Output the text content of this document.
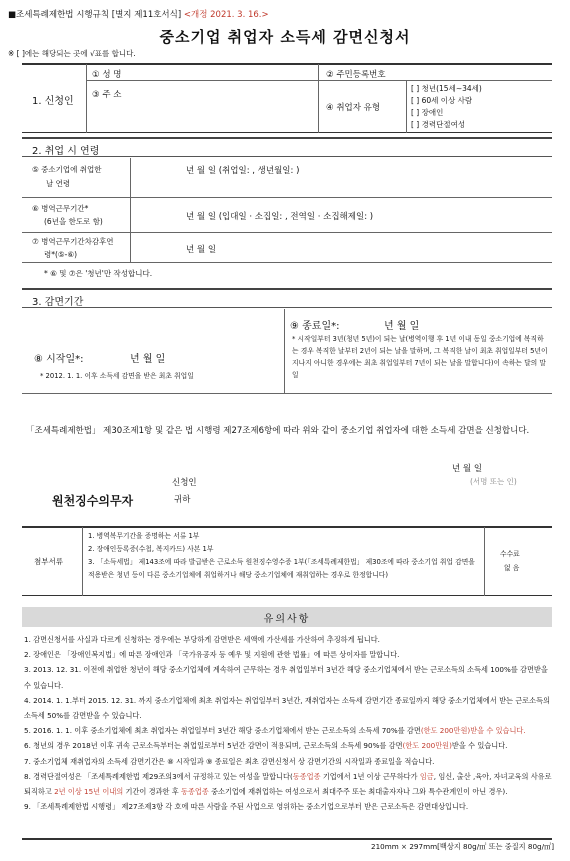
■조세특례제한법 시행규칙 [별지 제11호서식] <개정 2021. 3. 16.>
중소기업 취업자 소득세 감면신청서
※ [ ]에는 해당되는 곳에 √표를 합니다.
1. 신청인
① 성 명	② 주민등록번호
③ 주 소
④ 취업자 유형
[ ] 청년(15세∼34세)
[ ] 60세 이상 사람
[ ] 장애인
[ ] 경력단절여성
2. 취업 시 연령
⑤ 중소기업에 취업한
날 연령
년 월 일 (취업일: , 생년월일: )
⑥ 병역근무기간*
(6년을 한도로 함)	년 월 일 (입대일 · 소집일: , 전역일 · 소집해제일: )
⑦ 병역근무기간차감후연
령*(⑤-⑥)	년 월 일
* ⑥ 및 ⑦은 '청년'만 작성합니다.
3. 감면기간
⑧ 시작일*:	년 월 일
* 2012. 1. 1. 이후 소득세 감면을 받은 최초 취업일
⑨ 종료일*:	년 월 일
* 시작일부터 3년(청년 5년)이 되는 날(병역이행 후 1년 이내 동일 중소기업에 복직하는 경우 복직한 날부터 2년이 되는 날을 말하며, 그 복직한 날이 최초 취업일부터 5년이 지나지 아니한 경우에는 최초 취업일부터 7년이 되는 날을 말합니다)이 속하는 달의 말일
「조세특례제한법」 제30조제1항 및 같은 법 시행령 제27조제6항에 따라 위와 같이 중소기업 취업자에 대한 소득세 감면을 신청합니다.
년 월 일
신청인	(서명 또는 인)
원천징수의무자	귀하
첨부서류
1. 병역복무기간을 증명하는 서류 1부
2. 장애인등록증(수첩, 복지카드) 사본 1부
3. 「소득세법」 제143조에 따라 발급받은 근로소득 원천징수영수증 1부(「조세특례제한법」 제30조에 따라 중소기업 취업 감면을 적용받은 청년 등이 다른 중소기업체에 취업하거나 해당 중소기업체에 재취업하는 경우로 한정합니다)
수수료
없 음
유의사항

1. 감면신청서를 사실과 다르게 신청하는 경우에는 부당하게 감면받은 세액에 가산세를 가산하여 추징하게 됩니다.

2. 장애인은 「장애인복지법」에 따른 장애인과 「국가유공자 등 예우 및 지원에 관한 법률」에 따른 상이자를 말합니다.

3. 2013. 12. 31. 이전에 취업한 청년이 해당 중소기업체에 계속하여 근무하는 경우 취업일부터 3년간 해당 중소기업체에서 받는 근로소득의 소득세 100%를 감면받을 수 있습니다.

4. 2014. 1. 1.부터 2015. 12. 31. 까지 중소기업체에 최초 취업자는 취업일부터 3년간, 재취업자는 소득세 감면기간 종료일까지 해당 중소기업체에서 받는 근로소득의 소득세 50%를 감면받을 수 있습니다.

5. 2016. 1. 1. 이후 중소기업체에 최초 취업자는 취업일부터 3년간 해당 중소기업체에서 받는 근로소득의 소득세 70%를 감면(한도 200만원)받을 수 있습니다.

6. 청년의 경우 2018년 이후 귀속 근로소득부터는 취업일로부터 5년간 감면이 적용되며, 근로소득의 소득세 90%를 감면(한도 200만원)받을 수 있습니다.

7. 중소기업체 재취업자의 소득세 감면기간은 ⑧ 시작일과 ⑨ 종료일은 최초 감면신청서 상 감면기간의 시작일과 종료일을 적습니다.

8. 경력단절여성은 「조세특례제한법 제29조의3에서 규정하고 있는 여성을 말합니다(동종업종 기업에서 1년 이상 근무하다가 임금, 임신, 출산 ,육아, 자녀교육의 사유로 퇴직하고 2년 이상 15년 이내의 기간이 경과한 후 동종업종 중소기업에 재취업하는 여성으로서 최대주주 또는 최대출자자나 그와 특수관계인이 아닌 경우).

9. 「조세특례제한법 시행령」 제27조제3항 각 호에 따른 사람을 주된 사업으로 영위하는 중소기업으로부터 받은 근로소득은 감면대상입니다.

210mm × 297mm[백상지 80g/㎡ 또는 중질지 80g/㎡]
